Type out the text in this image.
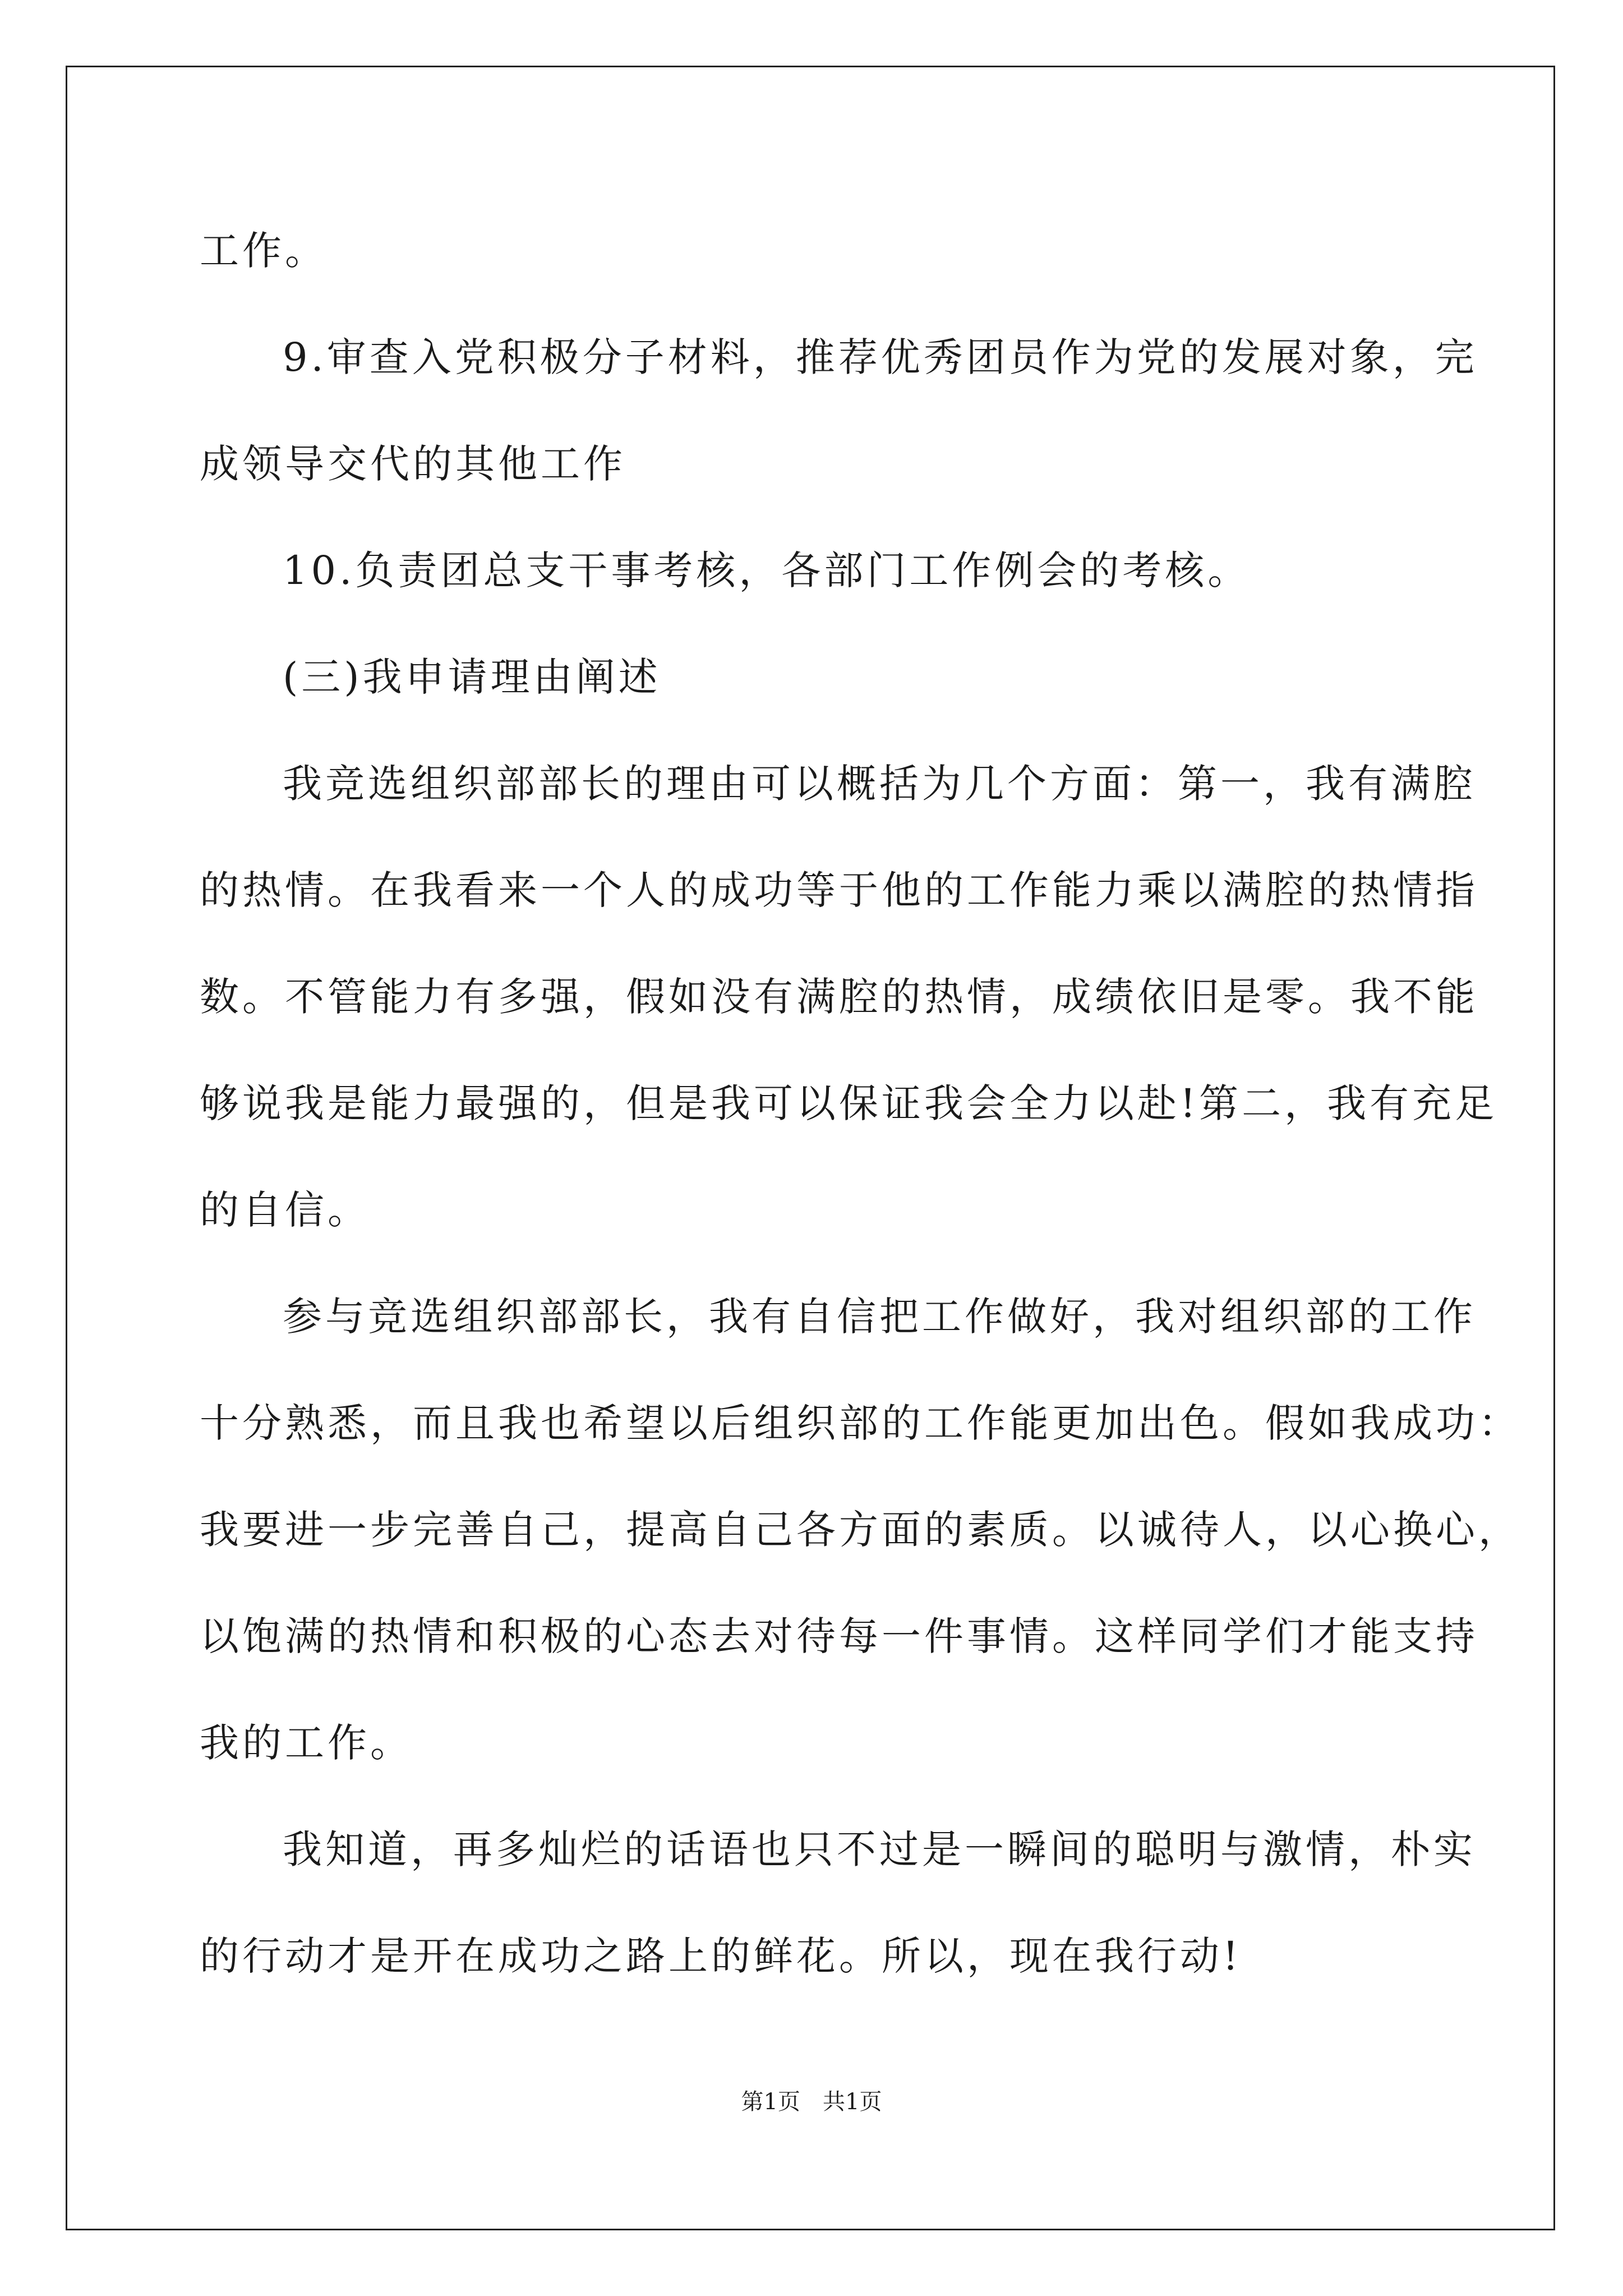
工作。
9.审查入党积极分子材料，推荐优秀团员作为党的发展对象，完
成领导交代的其他工作
10.负责团总支干事考核，各部门工作例会的考核。
(三)我申请理由阐述
我竞选组织部部长的理由可以概括为几个方面：第一，我有满腔
的热情。在我看来一个人的成功等于他的工作能力乘以满腔的热情指
数。不管能力有多强，假如没有满腔的热情，成绩依旧是零。我不能
够说我是能力最强的，但是我可以保证我会全力以赴!第二，我有充足
的自信。
参与竞选组织部部长，我有自信把工作做好，我对组织部的工作
十分熟悉，而且我也希望以后组织部的工作能更加出色。假如我成功：
我要进一步完善自己，提高自己各方面的素质。以诚待人，以心换心，
以饱满的热情和积极的心态去对待每一件事情。这样同学们才能支持
我的工作。
我知道，再多灿烂的话语也只不过是一瞬间的聪明与激情，朴实
的行动才是开在成功之路上的鲜花。所以，现在我行动!
第1页　共1页
